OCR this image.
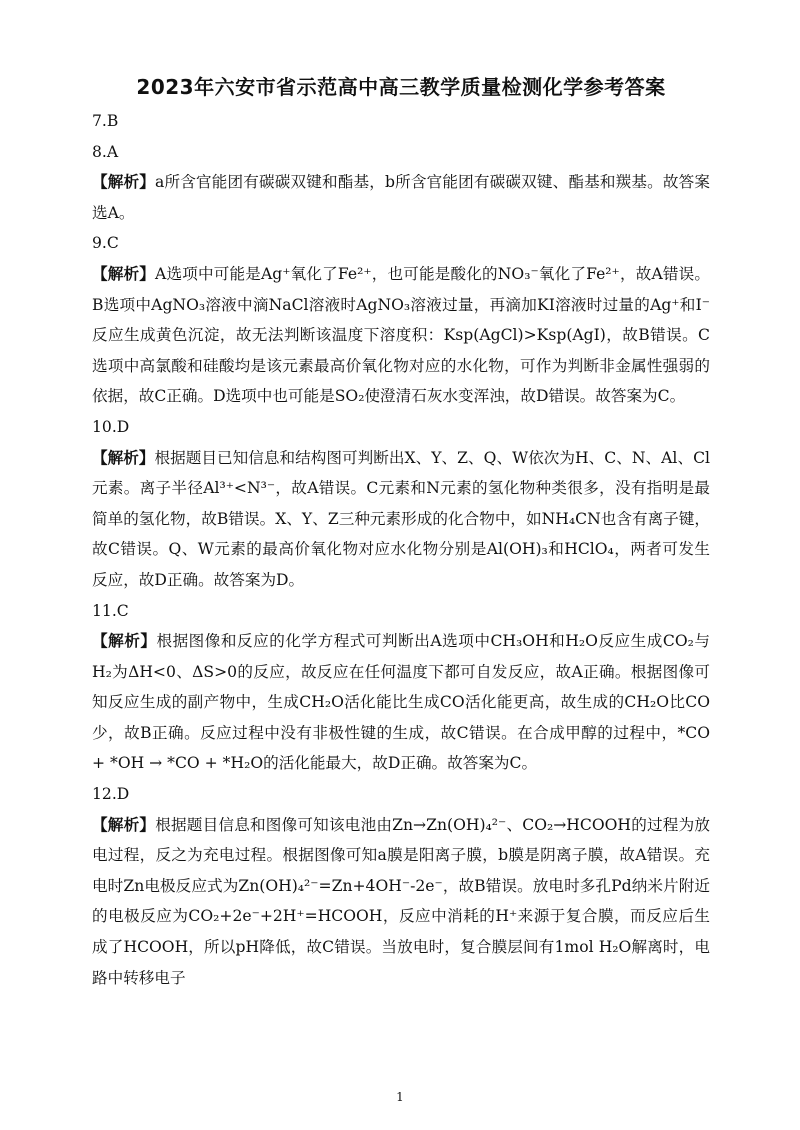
2023年六安市省示范高中高三教学质量检测化学参考答案
7.B
8.A
【解析】a所含官能团有碳碳双键和酯基，b所含官能团有碳碳双键、酯基和羰基。故答案选A。
9.C
【解析】A选项中可能是Ag⁺氧化了Fe²⁺，也可能是酸化的NO₃⁻氧化了Fe²⁺，故A错误。B选项中AgNO₃溶液中滴NaCl溶液时AgNO₃溶液过量，再滴加KI溶液时过量的Ag⁺和I⁻反应生成黄色沉淀，故无法判断该温度下溶度积：Ksp(AgCl)>Ksp(AgI)，故B错误。C选项中高氯酸和硅酸均是该元素最高价氧化物对应的水化物，可作为判断非金属性强弱的依据，故C正确。D选项中也可能是SO₂使澄清石灰水变浑浊，故D错误。故答案为C。
10.D
【解析】根据题目已知信息和结构图可判断出X、Y、Z、Q、W依次为H、C、N、Al、Cl元素。离子半径Al³⁺<N³⁻，故A错误。C元素和N元素的氢化物种类很多，没有指明是最简单的氢化物，故B错误。X、Y、Z三种元素形成的化合物中，如NH₄CN也含有离子键，故C错误。Q、W元素的最高价氧化物对应水化物分别是Al(OH)₃和HClO₄，两者可发生反应，故D正确。故答案为D。
11.C
【解析】根据图像和反应的化学方程式可判断出A选项中CH₃OH和H₂O反应生成CO₂与H₂为ΔH<0、ΔS>0的反应，故反应在任何温度下都可自发反应，故A正确。根据图像可知反应生成的副产物中，生成CH₂O活化能比生成CO活化能更高，故生成的CH₂O比CO少，故B正确。反应过程中没有非极性键的生成，故C错误。在合成甲醇的过程中，*CO + *OH → *CO + *H₂O的活化能最大，故D正确。故答案为C。
12.D
【解析】根据题目信息和图像可知该电池由Zn→Zn(OH)₄²⁻、CO₂→HCOOH的过程为放电过程，反之为充电过程。根据图像可知a膜是阳离子膜，b膜是阴离子膜，故A错误。充电时Zn电极反应式为Zn(OH)₄²⁻=Zn+4OH⁻-2e⁻，故B错误。放电时多孔Pd纳米片附近的电极反应为CO₂+2e⁻+2H⁺=HCOOH，反应中消耗的H⁺来源于复合膜，而反应后生成了HCOOH，所以pH降低，故C错误。当放电时，复合膜层间有1mol H₂O解离时，电路中转移电子
1
